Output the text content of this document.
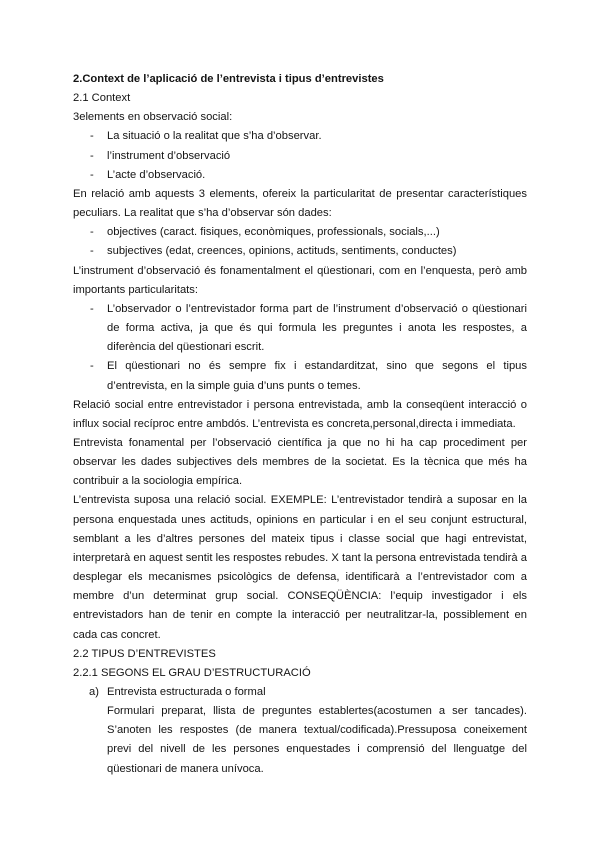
2.Context de l’aplicació de l’entrevista i tipus d’entrevistes

2.1 Context

3elements en observació social:

-	La situació o la realitat que s’ha d’observar.
-	l’instrument d’observació
-	L’acte d’observació.

En relació amb aquests 3 elements, ofereix la particularitat de presentar característiques peculiars. La realitat que s’ha d’observar són dades:

-	objectives (caract. fisiques, econòmiques, professionals, socials,...)
-	subjectives (edat, creences, opinions, actituds, sentiments, conductes)

L’instrument d’observació és fonamentalment el qüestionari, com en l’enquesta, però amb importants particularitats:

-	L’observador o l’entrevistador forma part de l’instrument d’observació o qüestionari de forma activa, ja que és qui formula les preguntes i anota les respostes, a diferència del qüestionari escrit.
-	El qüestionari no és sempre fix i estandarditzat, sino que segons el tipus d’entrevista, en la simple guia d’uns punts o temes.

Relació social entre entrevistador i persona entrevistada, amb la conseqüent interacció o influx social recíproc entre ambdós. L’entrevista es concreta,personal,directa i immediata.

Entrevista fonamental per l’observació científica ja que no hi ha cap procediment per observar les dades subjectives dels membres de la societat. Es la tècnica que més ha contribuir a la sociologia empírica.

L’entrevista suposa una relació social. EXEMPLE: L’entrevistador tendirà a suposar en la persona enquestada unes actituds, opinions en particular i en el seu conjunt estructural, semblant a les d’altres persones del mateix tipus i classe social que hagi entrevistat, interpretarà en aquest sentit les respostes rebudes. X tant la persona entrevistada tendirà a desplegar els mecanismes psicològics de defensa, identificarà a l’entrevistador com a membre d’un determinat grup social. CONSEQÜÈNCIA: l’equip investigador i els entrevistadors han de tenir en compte la interacció per neutralitzar-la, possiblement en cada cas concret.

2.2 TIPUS D’ENTREVISTES

2.2.1 SEGONS EL GRAU D’ESTRUCTURACIÓ

a) Entrevista estructurada o formal

Formulari preparat, llista de preguntes establertes(acostumen a ser tancades). S’anoten les respostes (de manera textual/codificada).Pressuposa coneixement previ del nivell de les persones enquestades i comprensió del llenguatge del qüestionari de manera unívoca.
